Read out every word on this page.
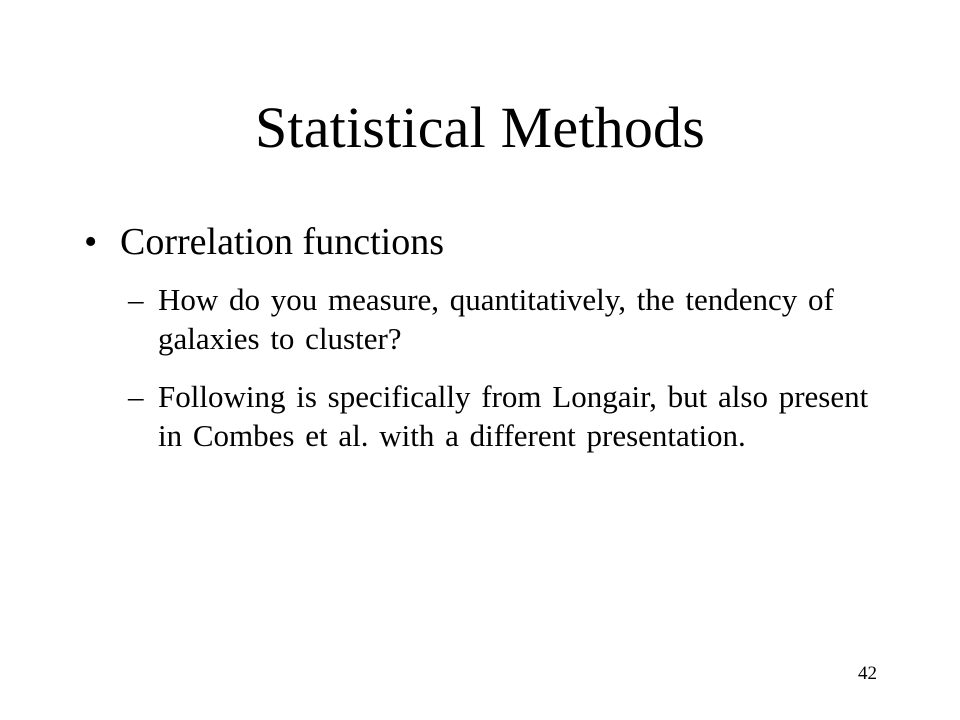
Statistical Methods
• Correlation functions
– How do you measure, quantitatively, the tendency of galaxies to cluster?
– Following is specifically from Longair, but also present in Combes et al. with a different presentation.
42
